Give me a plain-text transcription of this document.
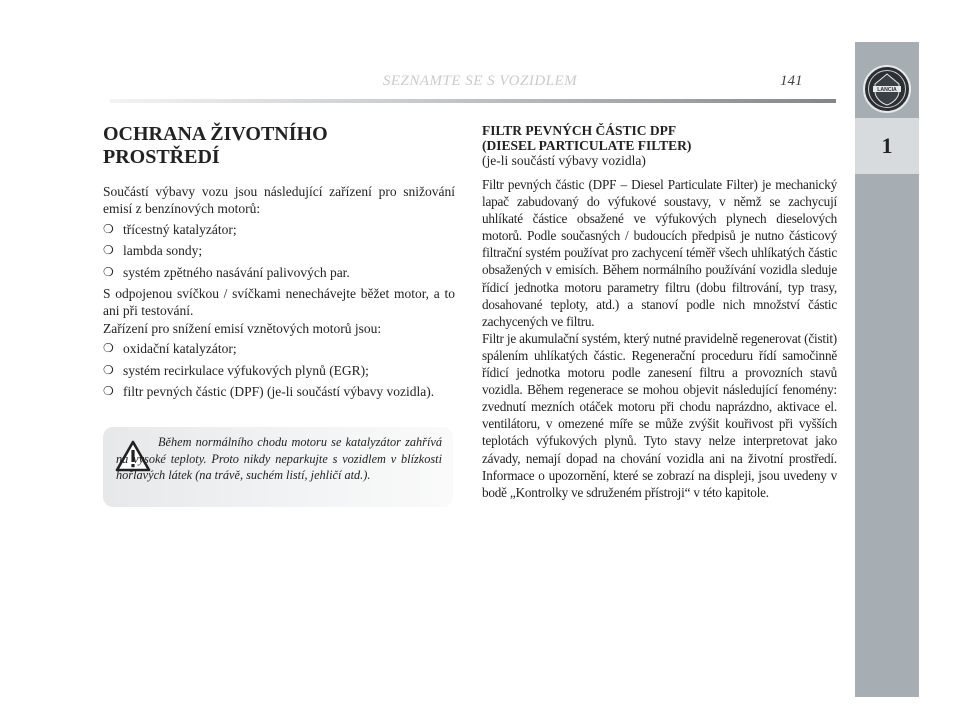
SEZNAMTE SE S VOZIDLEM	141
LANCIA
1
OCHRANA ŽIVOTNÍHO
PROSTŘEDÍ

Součástí výbavy vozu jsou následující zařízení pro snižování emisí z benzínových motorů:

❍ třícestný katalyzátor;
❍ lambda sondy;
❍ systém zpětného nasávání palivových par.

S odpojenou svíčkou / svíčkami nenechávejte běžet motor, a to ani při testování.

Zařízení pro snížení emisí vznětových motorů jsou:

❍ oxidační katalyzátor;
❍ systém recirkulace výfukových plynů (EGR);
❍ filtr pevných částic (DPF) (je-li součástí výbavy vozidla).
Během normálního chodu motoru se katalyzátor zahřívá na vysoké teploty. Proto nikdy neparkujte s vozidlem v blízkosti hořlavých látek (na trávě, suchém listí, jehličí atd.).
FILTR PEVNÝCH ČÁSTIC DPF
(DIESEL PARTICULATE FILTER)
(je-li součástí výbavy vozidla)

Filtr pevných částic (DPF – Diesel Particulate Filter) je mechanický lapač zabudovaný do výfukové soustavy, v němž se zachycují uhlíkaté částice obsažené ve výfukových plynech dieselových motorů. Podle současných / budoucích předpisů je nutno částicový filtrační systém používat pro zachycení téměř všech uhlíkatých částic obsažených v emisích. Během normálního používání vozidla sleduje řídicí jednotka motoru parametry filtru (dobu filtrování, typ trasy, dosahované teploty, atd.) a stanoví podle nich množství částic zachycených ve filtru.

Filtr je akumulační systém, který nutné pravidelně regenerovat (čistit) spálením uhlíkatých částic. Regenerační proceduru řídí samočinně řídicí jednotka motoru podle zanesení filtru a provozních stavů vozidla. Během regenerace se mohou objevit následující fenomény: zvednutí mezních otáček motoru při chodu naprázdno, aktivace el. ventilátoru, v omezené míře se může zvýšit kouřivost při vyšších teplotách výfukových plynů. Tyto stavy nelze interpretovat jako závady, nemají dopad na chování vozidla ani na životní prostředí. Informace o upozornění, které se zobrazí na displeji, jsou uvedeny v bodě „Kontrolky ve sdruženém přístroji“ v této kapitole.
